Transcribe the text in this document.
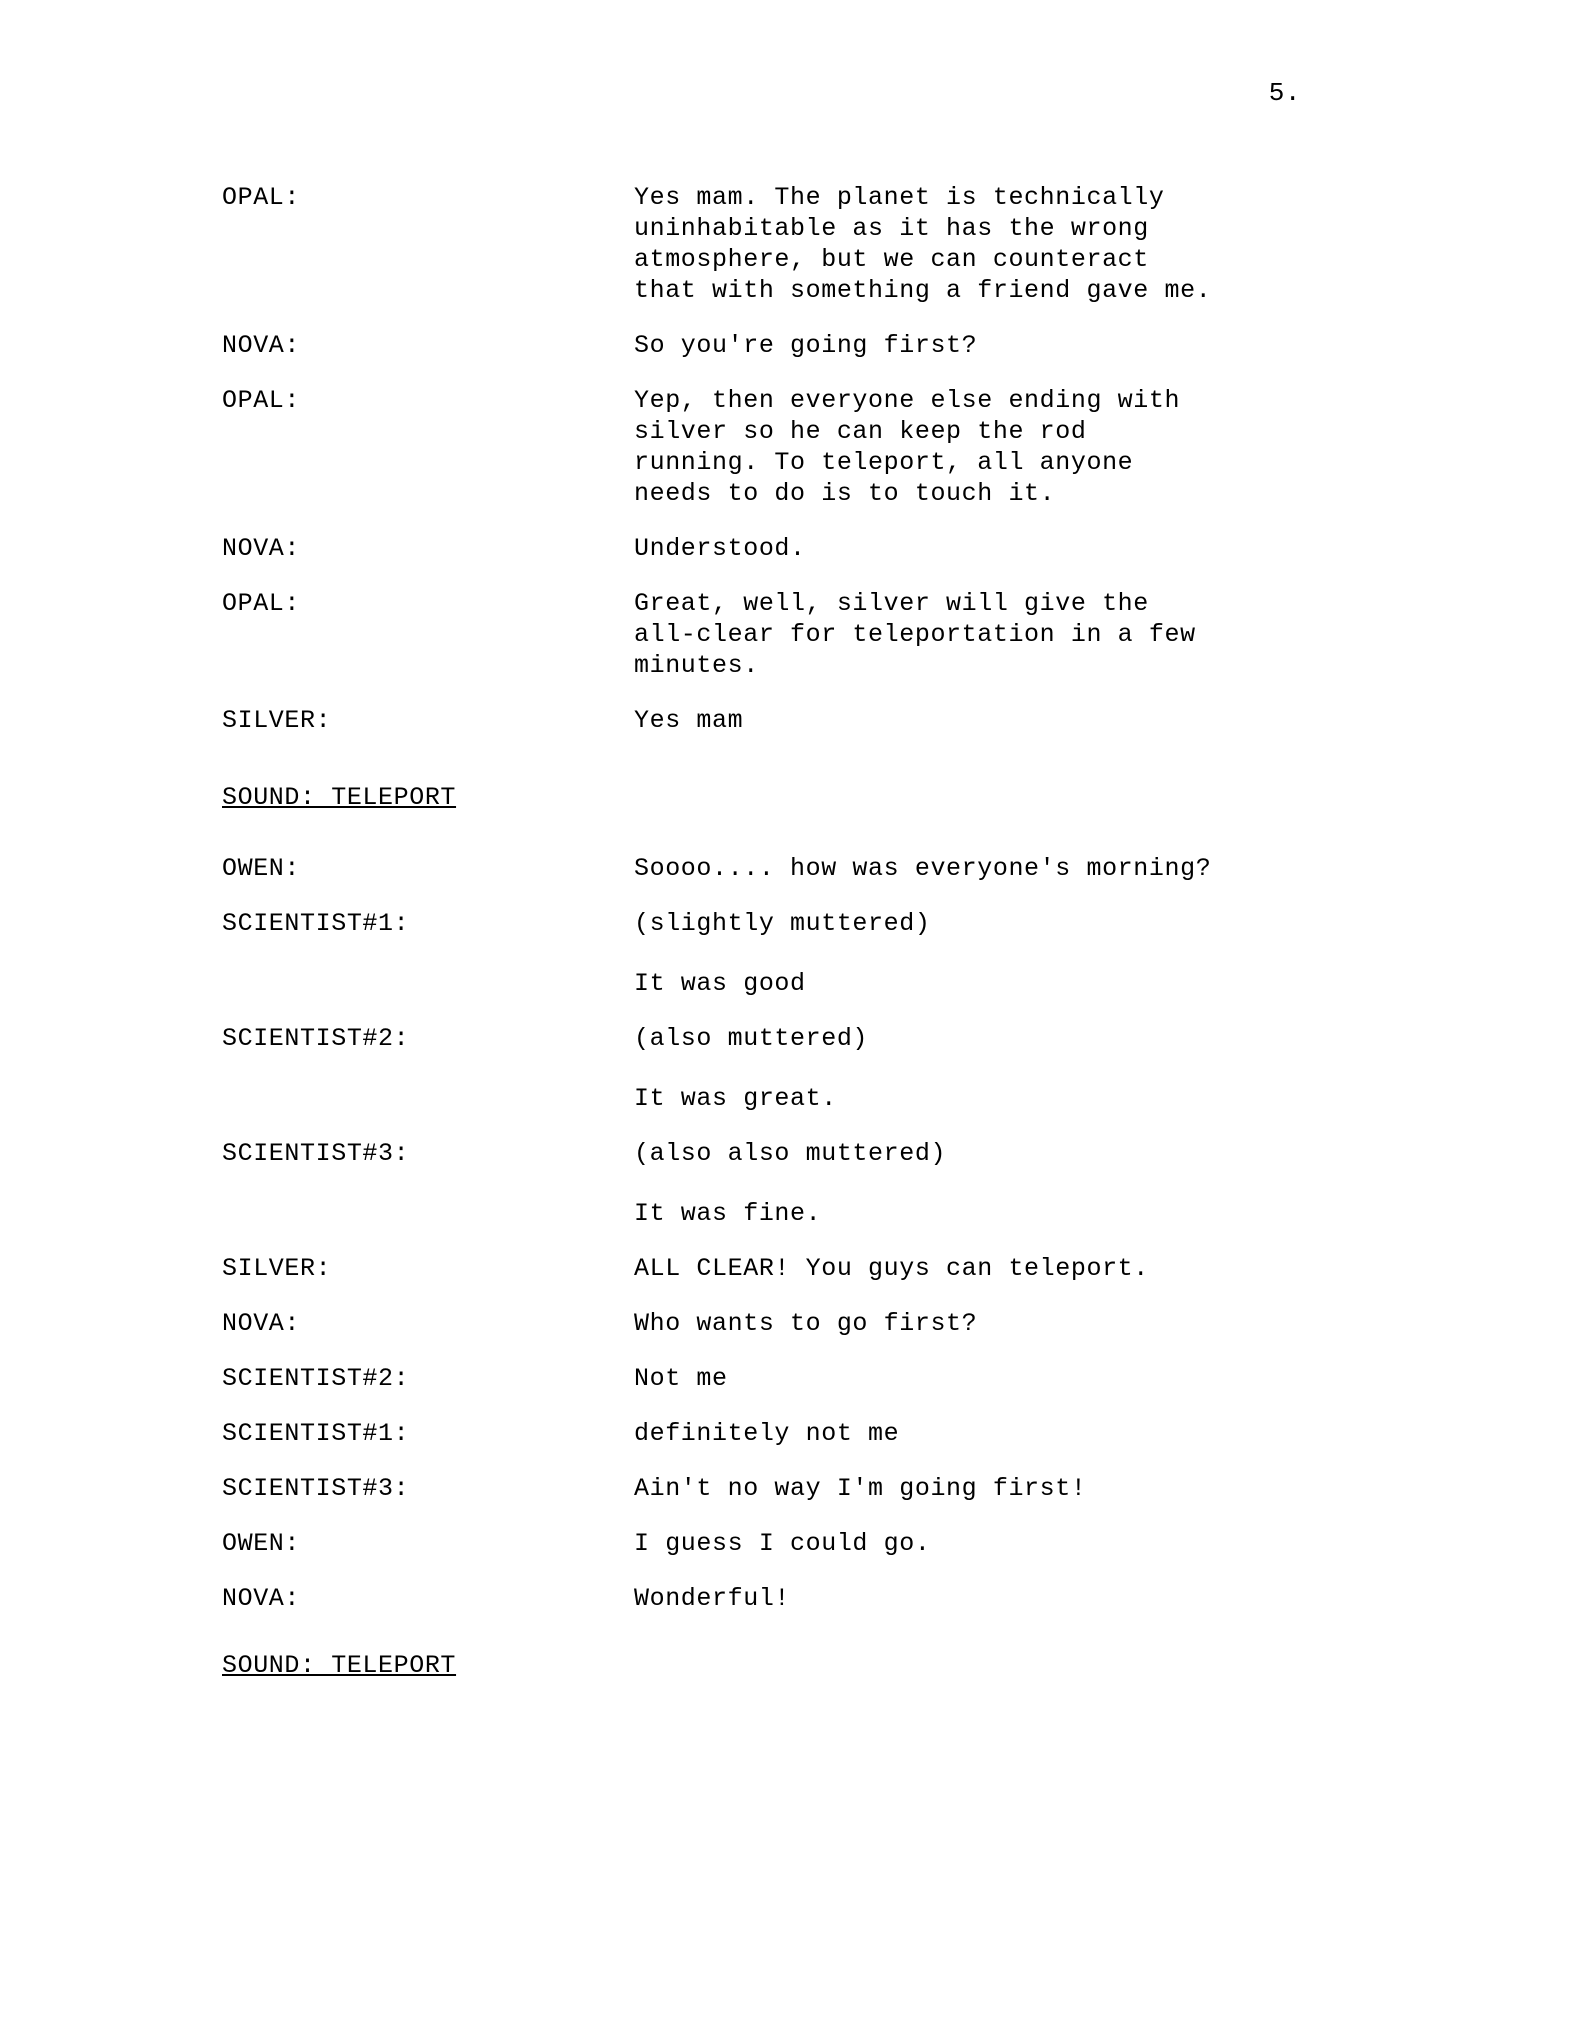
5.
OPAL:	Yes mam. The planet is technically
uninhabitable as it has the wrong
atmosphere, but we can counteract
that with something a friend gave me.
NOVA:	So you're going first?
OPAL:	Yep, then everyone else ending with
silver so he can keep the rod
running. To teleport, all anyone
needs to do is to touch it.
NOVA:	Understood.
OPAL:	Great, well, silver will give the
all-clear for teleportation in a few
minutes.
SILVER:	Yes mam
SOUND: TELEPORT
OWEN:	Soooo.... how was everyone's morning?
SCIENTIST#1:	(slightly muttered)
It was good
SCIENTIST#2:	(also muttered)
It was great.
SCIENTIST#3:	(also also muttered)
It was fine.
SILVER:	ALL CLEAR! You guys can teleport.
NOVA:	Who wants to go first?
SCIENTIST#2:	Not me
SCIENTIST#1:	definitely not me
SCIENTIST#3:	Ain't no way I'm going first!
OWEN:	I guess I could go.
NOVA:	Wonderful!
SOUND: TELEPORT
